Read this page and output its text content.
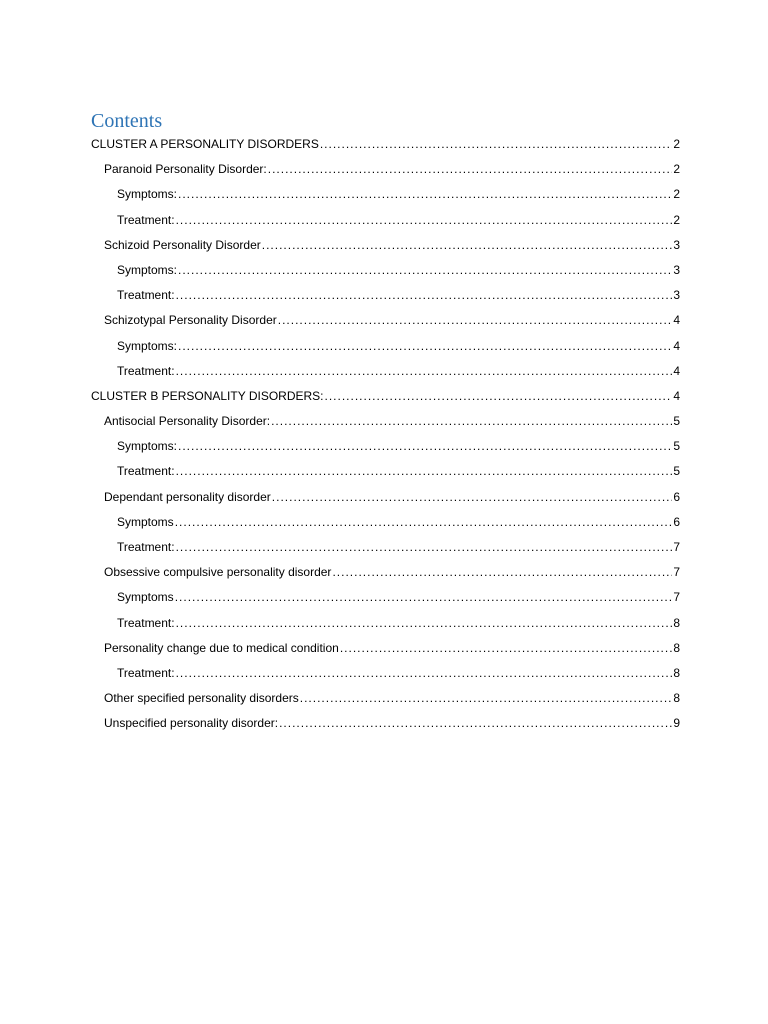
Contents
CLUSTER A PERSONALITY DISORDERS .....	2
Paranoid Personality Disorder: .....	2
Symptoms: .....	2
Treatment: .....	2
Schizoid Personality Disorder .....	3
Symptoms: .....	3
Treatment: .....	3
Schizotypal Personality Disorder .....	4
Symptoms: .....	4
Treatment: .....	4
CLUSTER B PERSONALITY DISORDERS: .....	4
Antisocial Personality Disorder: .....	5
Symptoms: .....	5
Treatment: .....	5
Dependant personality disorder .....	6
Symptoms .....	6
Treatment: .....	7
Obsessive compulsive personality disorder .....	7
Symptoms .....	7
Treatment: .....	8
Personality change due to medical condition .....	8
Treatment: .....	8
Other specified personality disorders .....	8
Unspecified personality disorder: .....	9
